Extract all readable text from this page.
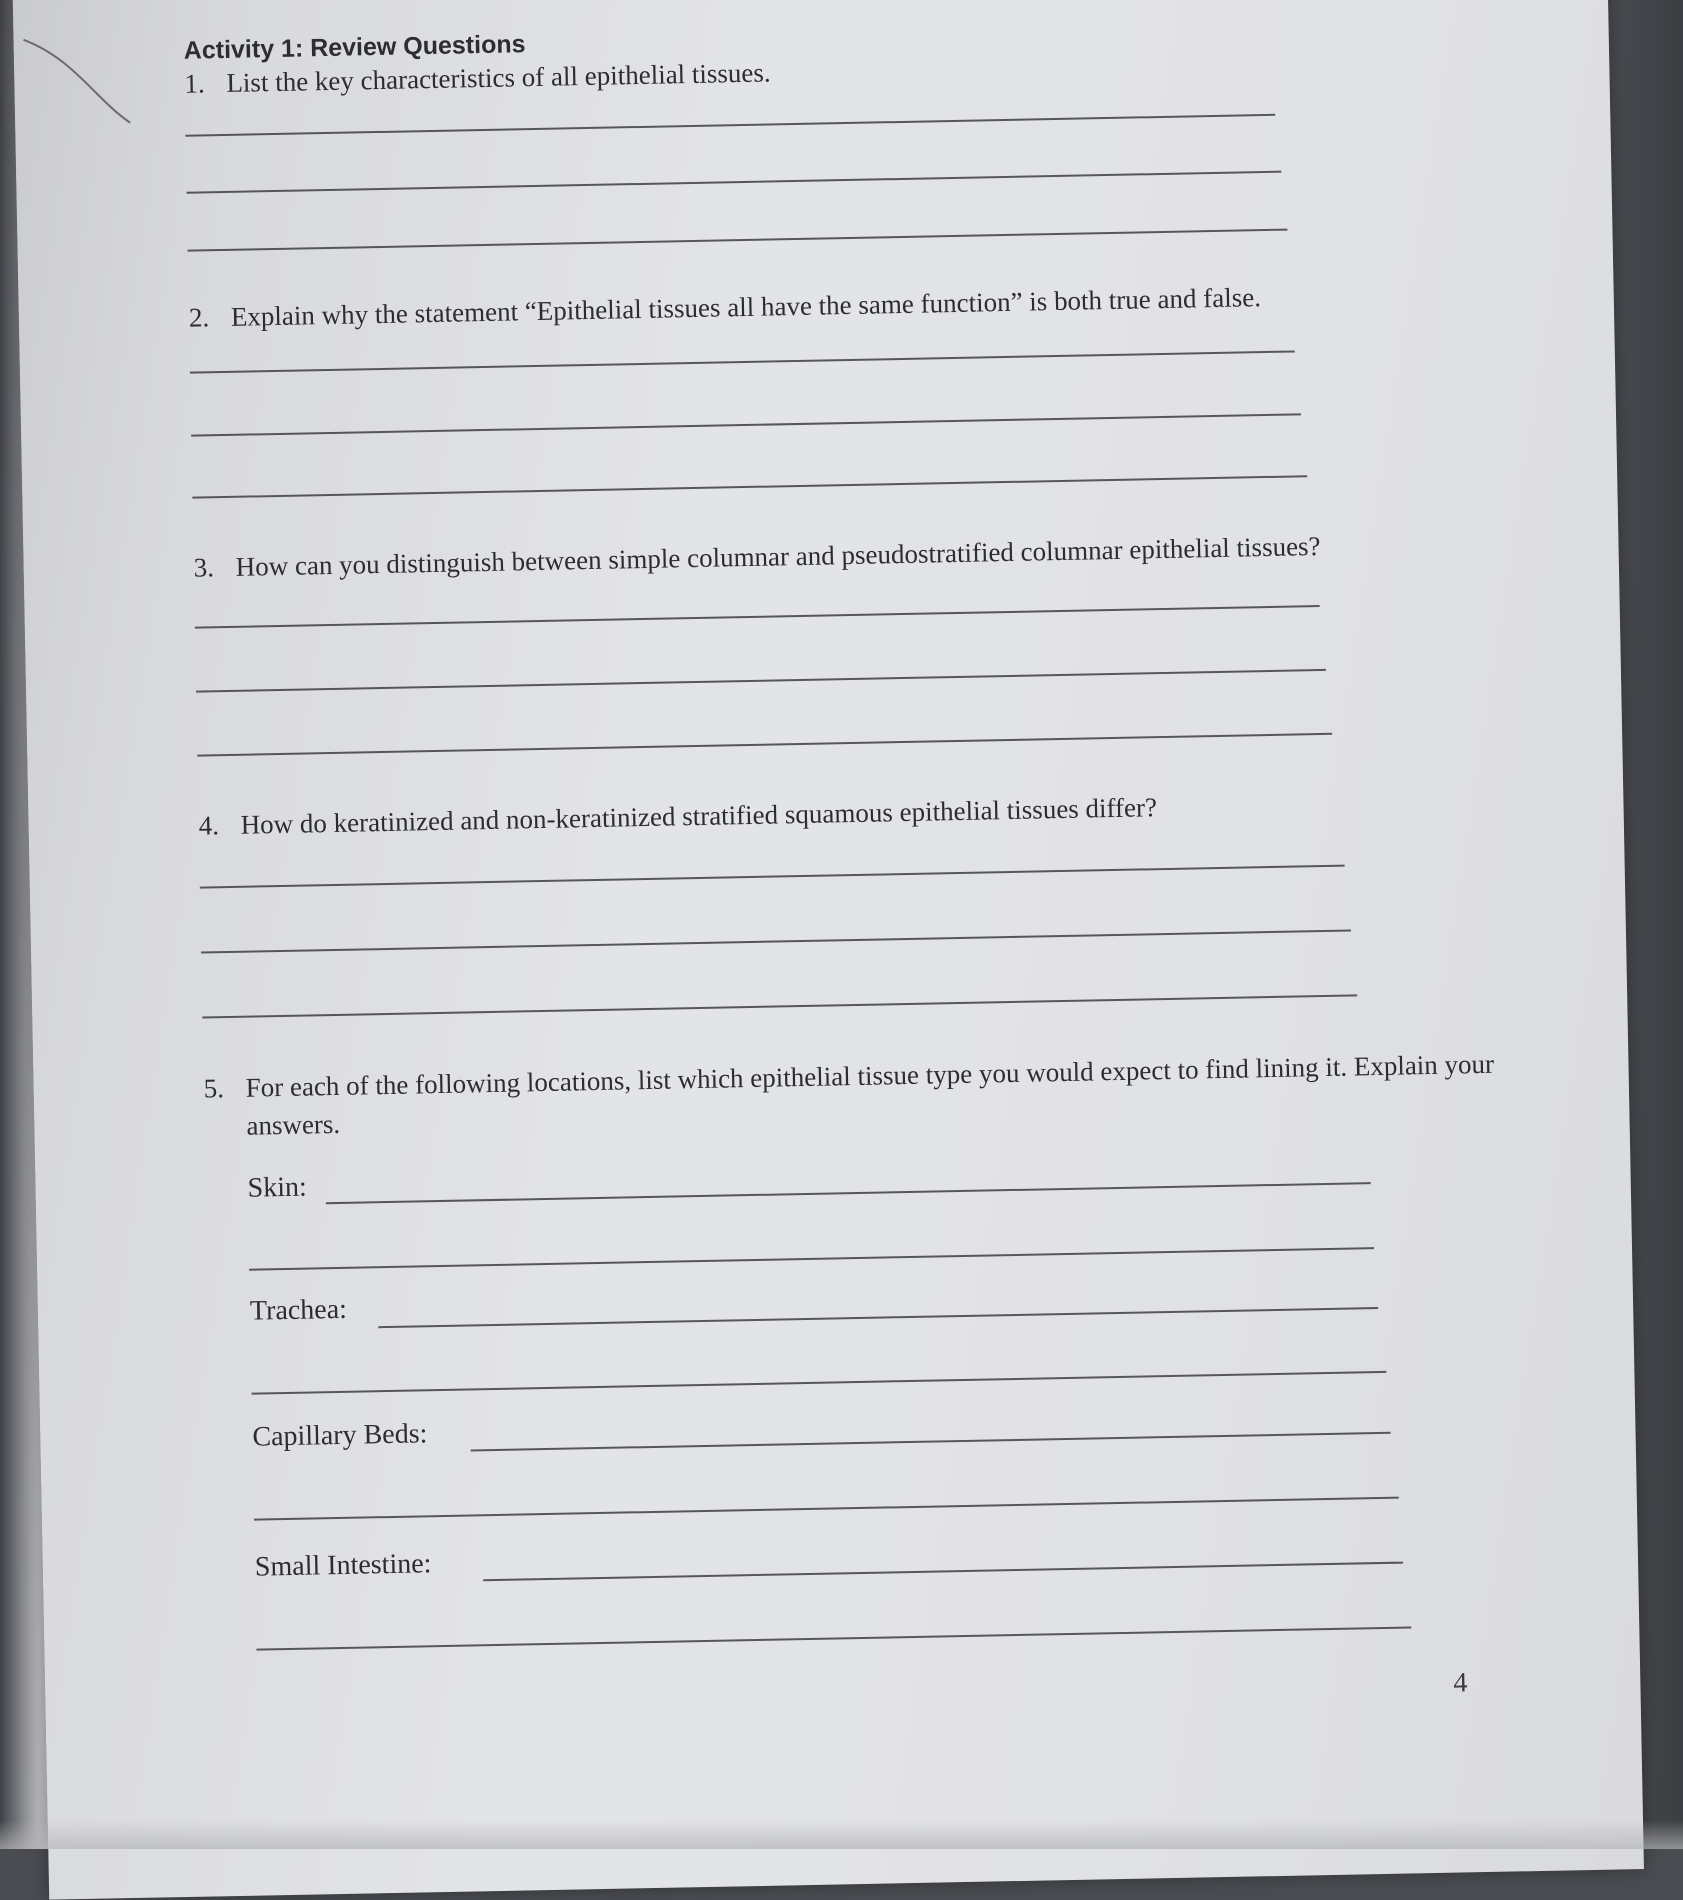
Activity 1: Review Questions
1. List the key characteristics of all epithelial tissues.
2. Explain why the statement “Epithelial tissues all have the same function” is both true and false.
3. How can you distinguish between simple columnar and pseudostratified columnar epithelial tissues?
4. How do keratinized and non-keratinized stratified squamous epithelial tissues differ?
5. For each of the following locations, list which epithelial tissue type you would expect to find lining it. Explain your answers.
Skin:
Trachea:
Capillary Beds:
Small Intestine:
4
